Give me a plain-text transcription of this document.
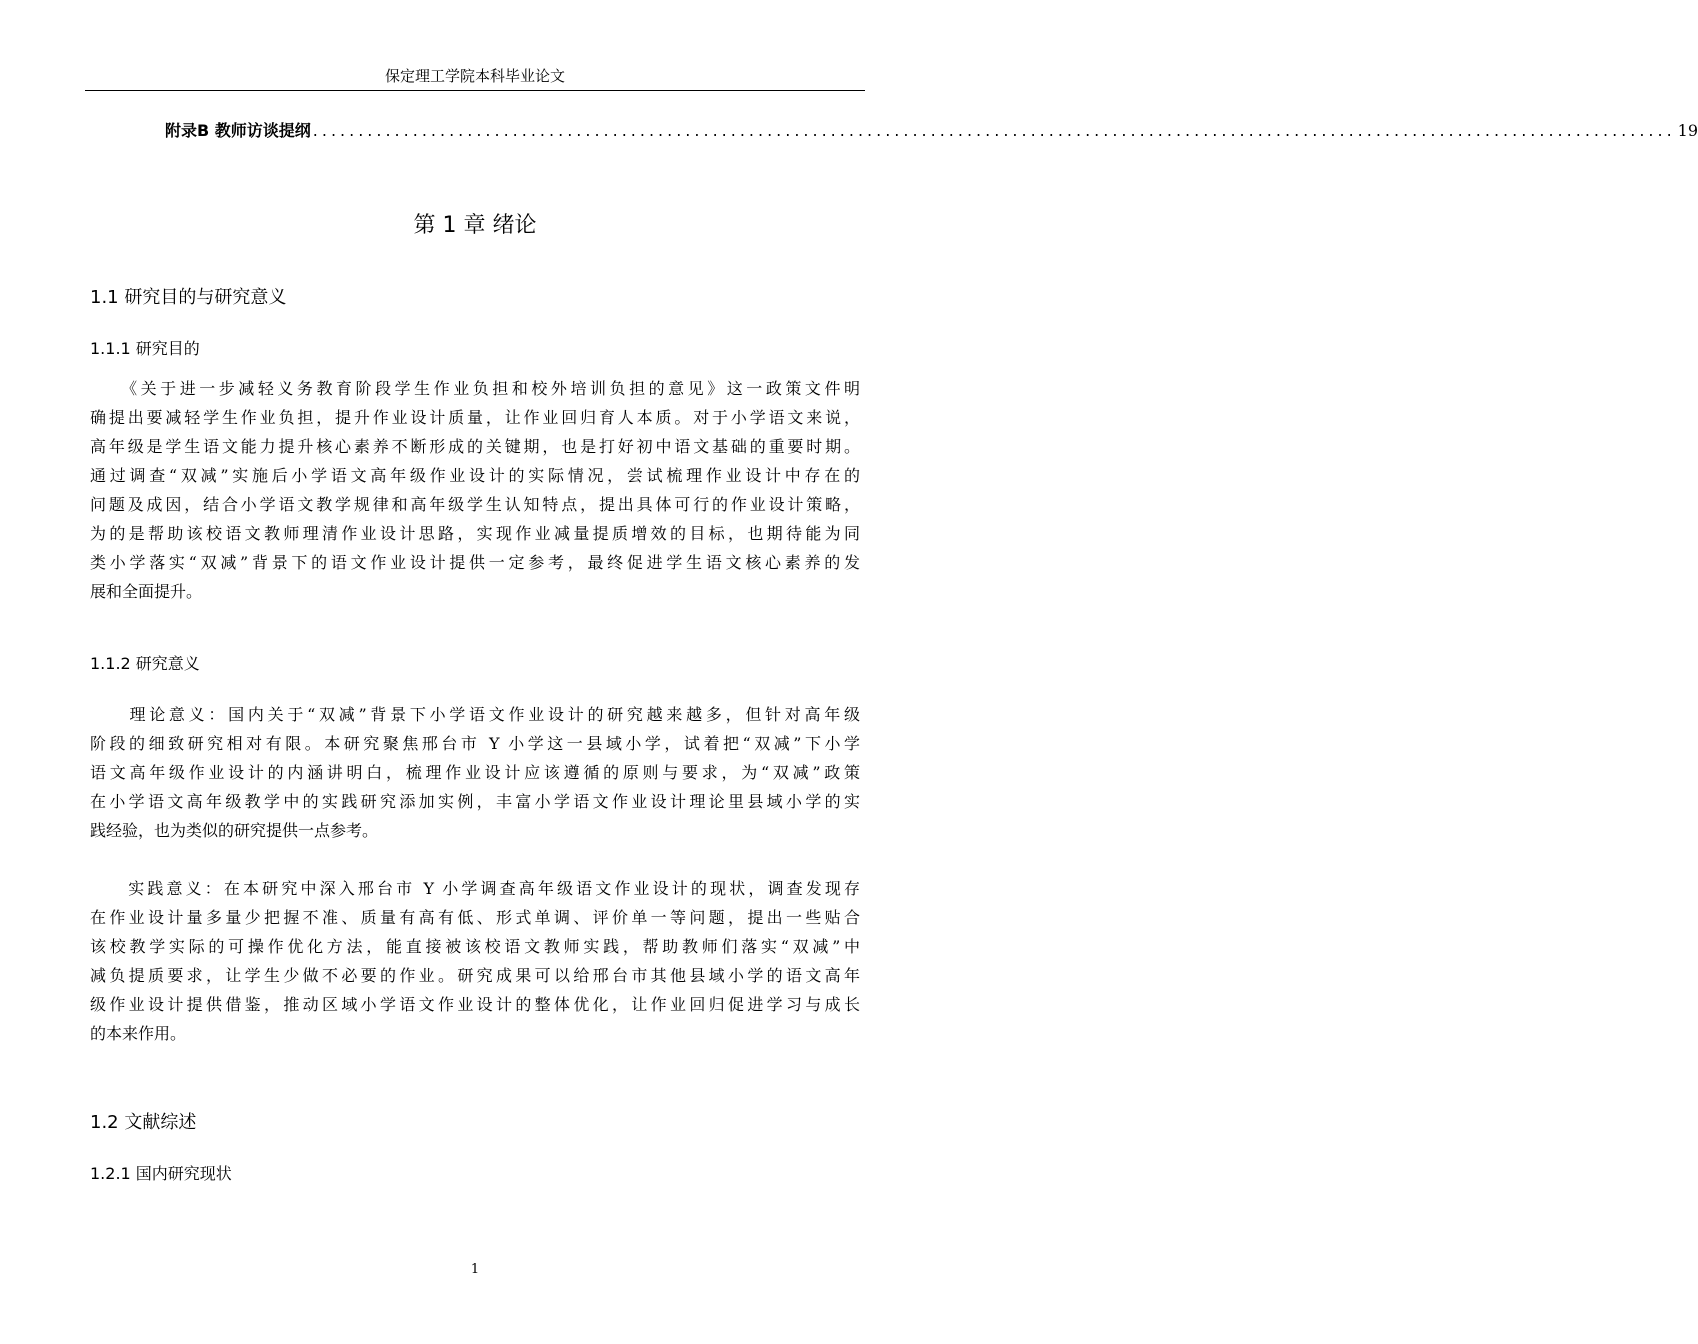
保定理工学院本科毕业论文
附录B 教师访谈提纲 ...................................................................................................................................................... 19
第 1 章 绪论
1.1 研究目的与研究意义
1.1.1 研究目的
　　《关于进一步减轻义务教育阶段学生作业负担和校外培训负担的意见》这一政策文件明
确提出要减轻学生作业负担，提升作业设计质量，让作业回归育人本质。对于小学语文来说，
高年级是学生语文能力提升核心素养不断形成的关键期，也是打好初中语文基础的重要时期。
通过调查“双减”实施后小学语文高年级作业设计的实际情况，尝试梳理作业设计中存在的
问题及成因，结合小学语文教学规律和高年级学生认知特点，提出具体可行的作业设计策略，
为的是帮助该校语文教师理清作业设计思路，实现作业减量提质增效的目标，也期待能为同
类小学落实“双减”背景下的语文作业设计提供一定参考，最终促进学生语文核心素养的发
展和全面提升。
1.1.2 研究意义
　　理论意义：国内关于“双减”背景下小学语文作业设计的研究越来越多，但针对高年级
阶段的细致研究相对有限。本研究聚焦邢台市 Y 小学这一县域小学，试着把“双减”下小学
语文高年级作业设计的内涵讲明白，梳理作业设计应该遵循的原则与要求，为“双减”政策
在小学语文高年级教学中的实践研究添加实例，丰富小学语文作业设计理论里县域小学的实
践经验，也为类似的研究提供一点参考。
　　实践意义：在本研究中深入邢台市 Y 小学调查高年级语文作业设计的现状，调查发现存
在作业设计量多量少把握不准、质量有高有低、形式单调、评价单一等问题，提出一些贴合
该校教学实际的可操作优化方法，能直接被该校语文教师实践，帮助教师们落实“双减”中
减负提质要求，让学生少做不必要的作业。研究成果可以给邢台市其他县域小学的语文高年
级作业设计提供借鉴，推动区域小学语文作业设计的整体优化，让作业回归促进学习与成长
的本来作用。
1.2 文献综述
1.2.1 国内研究现状
1
